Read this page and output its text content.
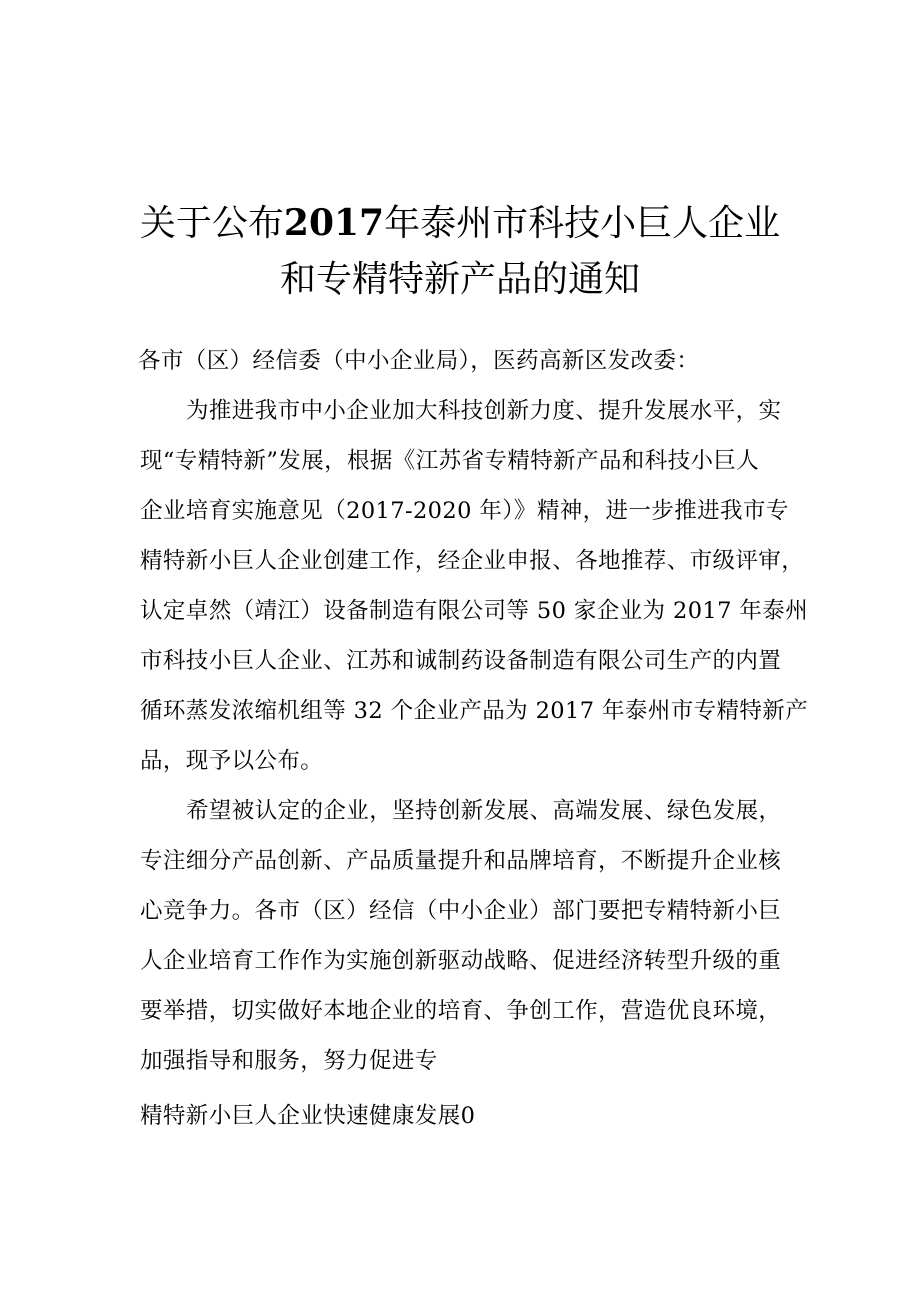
关于公布2017年泰州市科技小巨人企业
和专精特新产品的通知
各市（区）经信委（中小企业局），医药高新区发改委：
为推进我市中小企业加大科技创新力度、提升发展水平，实
现“专精特新”发展，根据《江苏省专精特新产品和科技小巨人
企业培育实施意见（2017-2020 年）》精神，进一步推进我市专
精特新小巨人企业创建工作，经企业申报、各地推荐、市级评审，
认定卓然（靖江）设备制造有限公司等 50 家企业为 2017 年泰州
市科技小巨人企业、江苏和诚制药设备制造有限公司生产的内置
循环蒸发浓缩机组等 32 个企业产品为 2017 年泰州市专精特新产
品，现予以公布。
希望被认定的企业，坚持创新发展、高端发展、绿色发展，
专注细分产品创新、产品质量提升和品牌培育，不断提升企业核
心竞争力。各市（区）经信（中小企业）部门要把专精特新小巨
人企业培育工作作为实施创新驱动战略、促进经济转型升级的重
要举措，切实做好本地企业的培育、争创工作，营造优良环境，
加强指导和服务，努力促进专
精特新小巨人企业快速健康发展0
